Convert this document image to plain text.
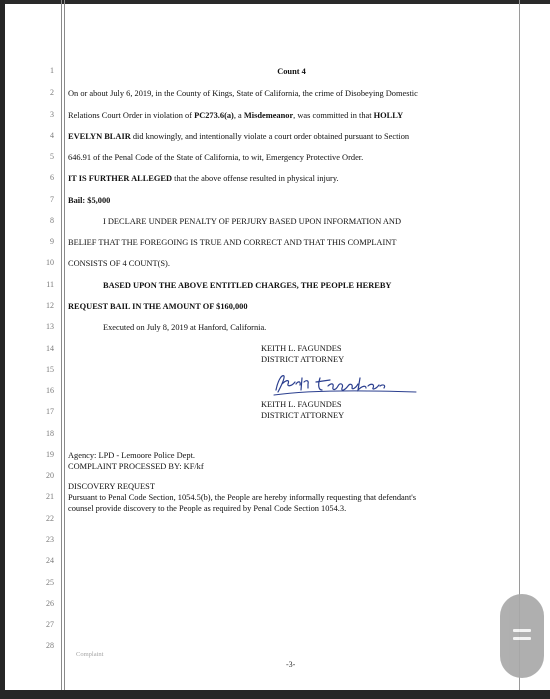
1
2
3
4
5
6
7
8
9
10
11
12
13
14
15
16
17
18
19
20
21
22
23
24
25
26
27
28
Count 4
On or about July 6, 2019, in the County of Kings, State of California, the crime of Disobeying Domestic
Relations Court Order in violation of PC273.6(a), a Misdemeanor, was committed in that HOLLY
EVELYN BLAIR did knowingly, and intentionally violate a court order obtained pursuant to Section
646.91 of the Penal Code of the State of California, to wit, Emergency Protective Order.
IT IS FURTHER ALLEGED that the above offense resulted in physical injury.
Bail: $5,000
I DECLARE UNDER PENALTY OF PERJURY BASED UPON INFORMATION AND
BELIEF THAT THE FOREGOING IS TRUE AND CORRECT AND THAT THIS COMPLAINT
CONSISTS OF 4 COUNT(S).
BASED UPON THE ABOVE ENTITLED CHARGES, THE PEOPLE HEREBY
REQUEST BAIL IN THE AMOUNT OF $160,000
Executed on July 8, 2019 at Hanford, California.
KEITH L. FAGUNDES
DISTRICT ATTORNEY
KEITH L. FAGUNDES
DISTRICT ATTORNEY
Agency: LPD - Lemoore Police Dept.
COMPLAINT PROCESSED BY: KF/kf
DISCOVERY REQUEST
Pursuant to Penal Code Section, 1054.5(b), the People are hereby informally requesting that defendant's
counsel provide discovery to the People as required by Penal Code Section 1054.3.
Complaint
-3-
